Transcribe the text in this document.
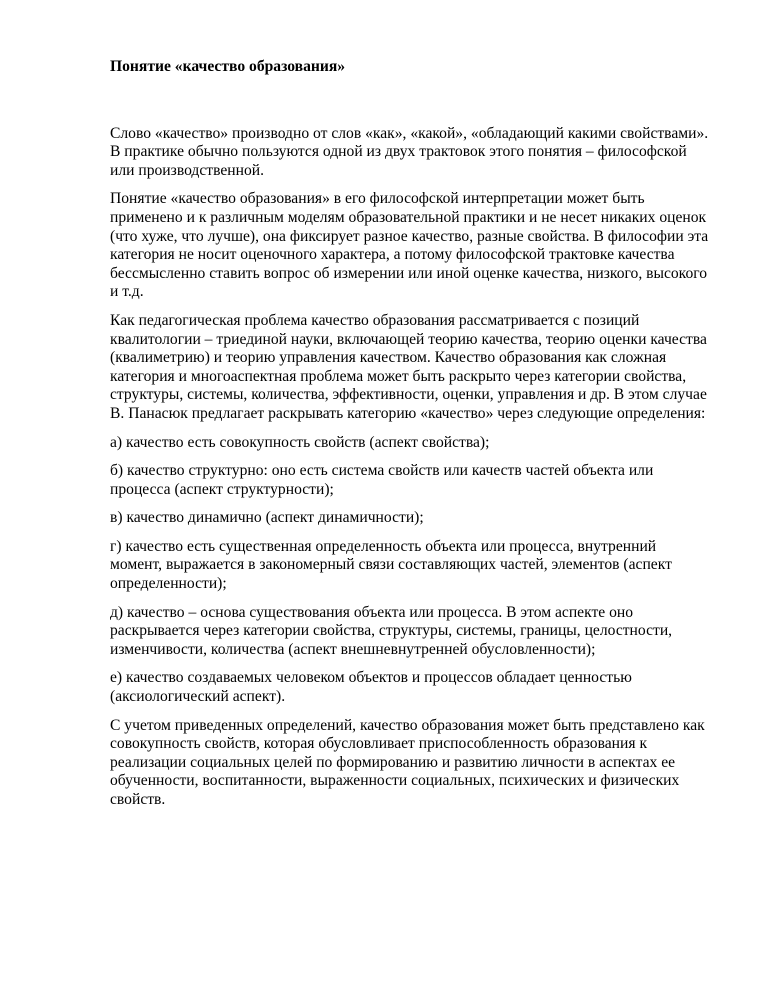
Понятие «качество образования»

Слово «качество» производно от слов «как», «какой», «обладающий какими свойствами». В практике обычно пользуются одной из двух трактовок этого понятия – философской или производственной.

Понятие «качество образования» в его философской интерпретации может быть применено и к различным моделям образовательной практики и не несет никаких оценок (что хуже, что лучше), она фиксирует разное качество, разные свойства. В философии эта категория не носит оценочного характера, а потому философской трактовке качества бессмысленно ставить вопрос об измерении или иной оценке качества, низкого, высокого и т.д.

Как педагогическая проблема качество образования рассматривается с позиций квалитологии – триединой науки, включающей теорию качества, теорию оценки качества (квалиметрию) и теорию управления качеством. Качество образования как сложная категория и многоаспектная проблема может быть раскрыто через категории свойства, структуры, системы, количества, эффективности, оценки, управления и др. В этом случае В. Панасюк предлагает раскрывать категорию «качество» через следующие определения:

а) качество есть совокупность свойств (аспект свойства);

б) качество структурно: оно есть система свойств или качеств частей объекта или процесса (аспект структурности);

в) качество динамично (аспект динамичности);

г) качество есть существенная определенность объекта или процесса, внутренний момент, выражается в закономерный связи составляющих частей, элементов (аспект определенности);

д) качество – основа существования объекта или процесса. В этом аспекте оно раскрывается через категории свойства, структуры, системы, границы, целостности, изменчивости, количества (аспект внешневнутренней обусловленности);

е) качество создаваемых человеком объектов и процессов обладает ценностью (аксиологический аспект).

С учетом приведенных определений, качество образования может быть представлено как совокупность свойств, которая обусловливает приспособленность образования к реализации социальных целей по формированию и развитию личности в аспектах ее обученности, воспитанности, выраженности социальных, психических и физических свойств.
